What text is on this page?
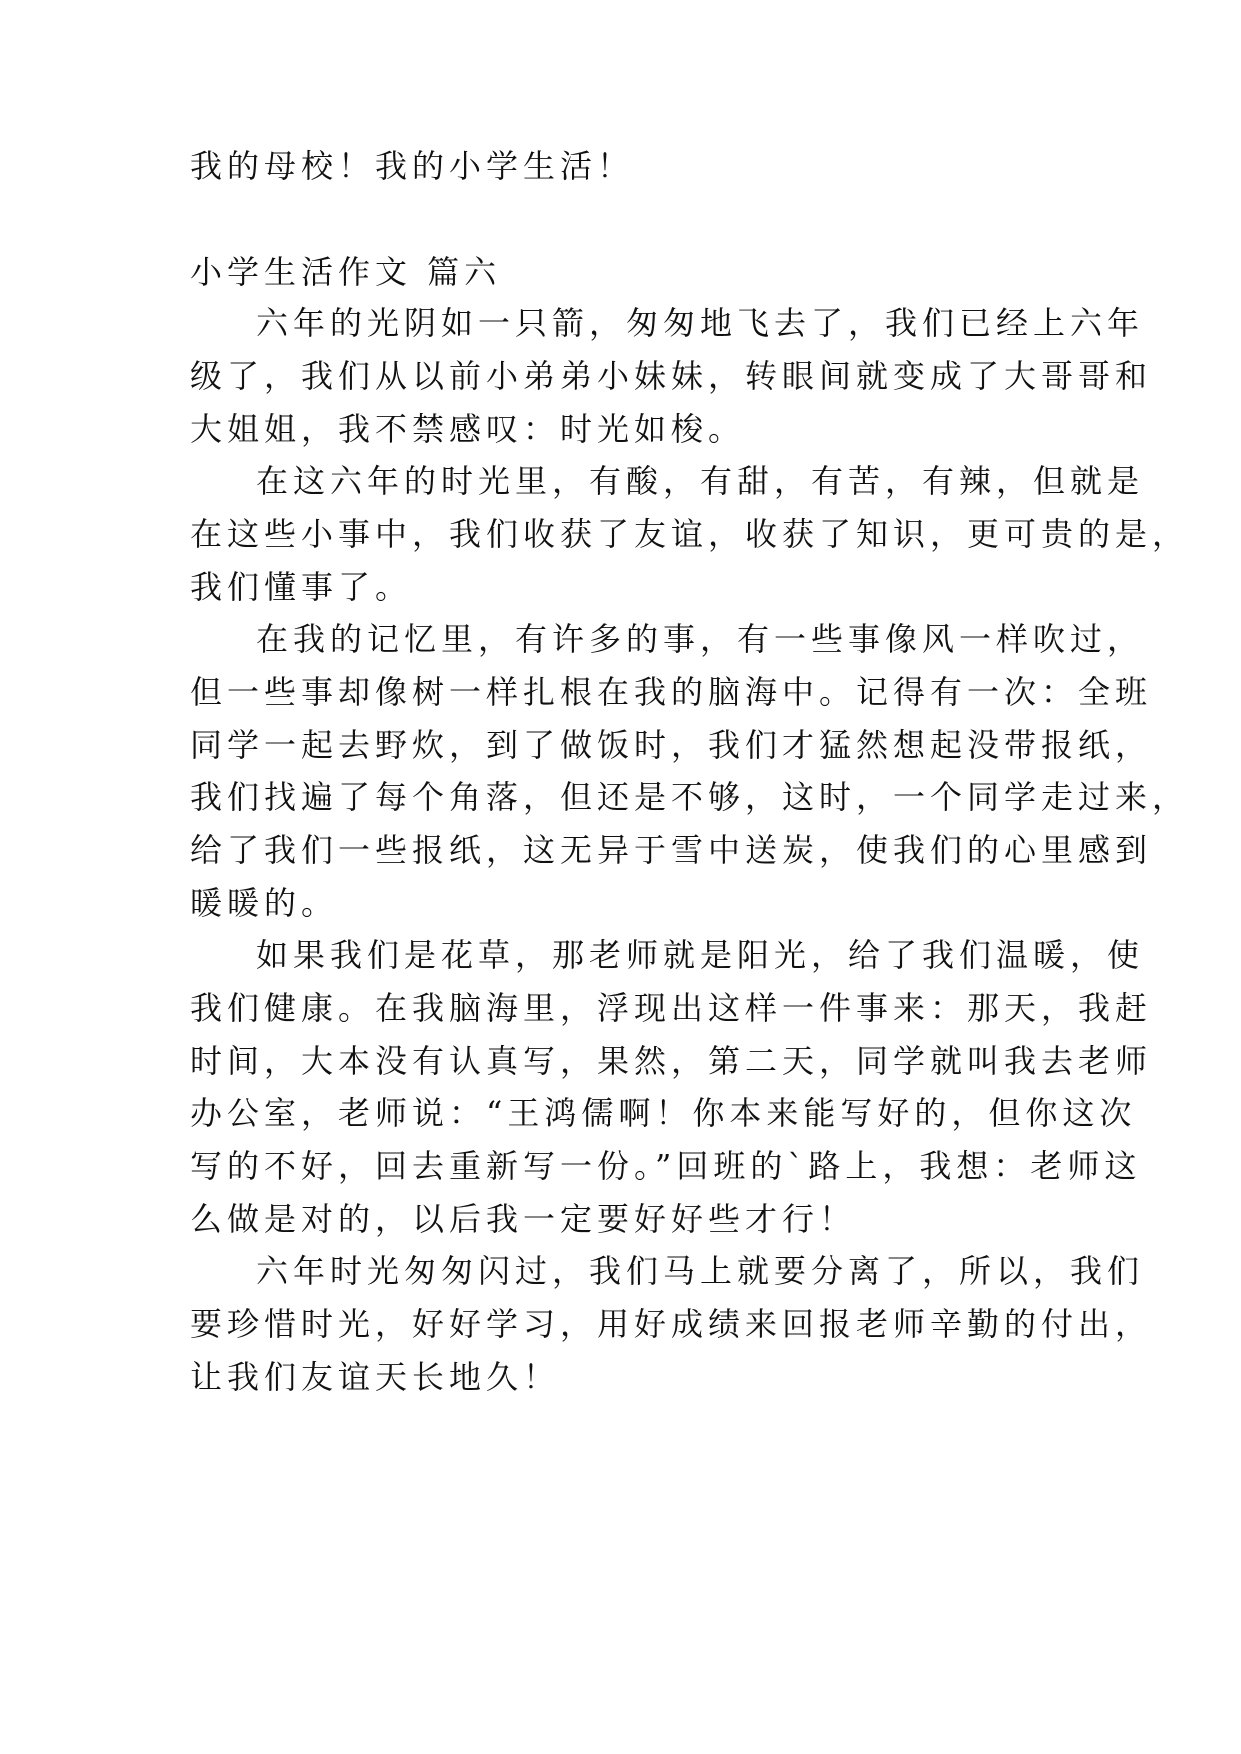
我的母校！我的小学生活！
小学生活作文 篇六
六年的光阴如一只箭，匆匆地飞去了，我们已经上六年
级了，我们从以前小弟弟小妹妹，转眼间就变成了大哥哥和
大姐姐，我不禁感叹：时光如梭。
在这六年的时光里，有酸，有甜，有苦，有辣，但就是
在这些小事中，我们收获了友谊，收获了知识，更可贵的是，
我们懂事了。
在我的记忆里，有许多的事，有一些事像风一样吹过，
但一些事却像树一样扎根在我的脑海中。记得有一次：全班
同学一起去野炊，到了做饭时，我们才猛然想起没带报纸，
我们找遍了每个角落，但还是不够，这时，一个同学走过来，
给了我们一些报纸，这无异于雪中送炭，使我们的心里感到
暖暖的。
如果我们是花草，那老师就是阳光，给了我们温暖，使
我们健康。在我脑海里，浮现出这样一件事来：那天，我赶
时间，大本没有认真写，果然，第二天，同学就叫我去老师
办公室，老师说：“王鸿儒啊！你本来能写好的，但你这次
写的不好，回去重新写一份。”回班的`路上，我想：老师这
么做是对的，以后我一定要好好些才行！
六年时光匆匆闪过，我们马上就要分离了，所以，我们
要珍惜时光，好好学习，用好成绩来回报老师辛勤的付出，
让我们友谊天长地久！
